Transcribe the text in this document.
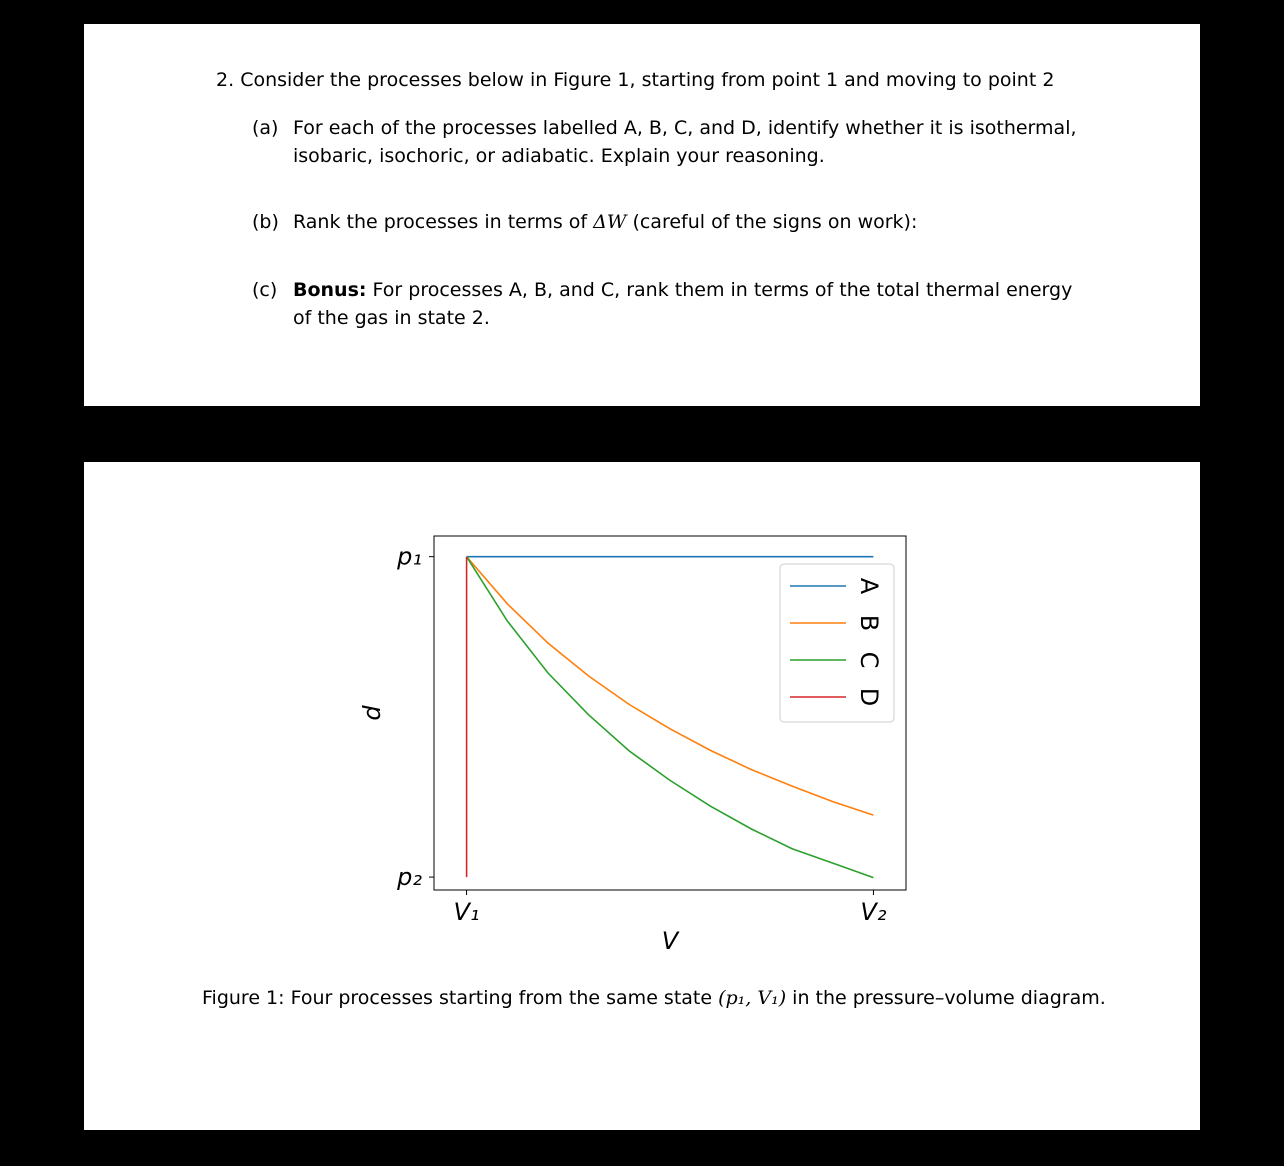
2. Consider the processes below in Figure 1, starting from point 1 and moving to point 2
(a) For each of the processes labelled A, B, C, and D, identify whether it is isothermal, isobaric, isochoric, or adiabatic. Explain your reasoning.
(b) Rank the processes in terms of ΔW (careful of the signs on work):
(c) Bonus: For processes A, B, and C, rank them in terms of the total thermal energy of the gas in state 2.
V₁	V₂
p₁
p₂
V
p
A
B
C
D
Figure 1: Four processes starting from the same state (p₁, V₁) in the pressure–volume diagram.
